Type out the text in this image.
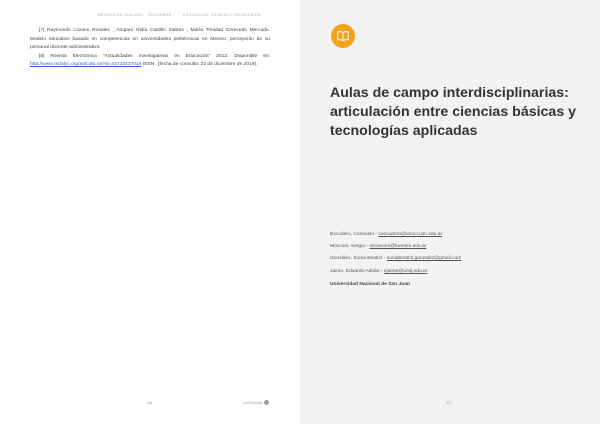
REVISTA DE DIÁLOGO · DICIEMBRE	EDUCACIÓN, CIENCIA Y TECNOLOGÍA

[7] Raymundo Lozano Rosales ; Amparo Nidia Castillo Santos ; María Trinidad Cerecedo Mercado. Modelo educativo basado en competencias en universidades politécnicas en México: percepción de su personal docente-administrativo.

[8] Revista Electrónica "Actualidades Investigativas en Educación" 2012. Disponible en: http://www.redalyc.org/articulo.oa?id=44723437018 ISSN . [fecha de consulta: 22 de diciembre de 2018].

116	La Revista
Aulas de campo interdisciplinarias: articulación entre ciencias básicas y tecnologías aplicadas
Escudero, Consuelo - cescudero@unsj-cuim.edu.ar
Mosconi, Sergio - smosconi@fuentes.edu.ar
González, Sonia Beatriz - soniabeatriz.gonzalez@gmail.com
Jaime, Eduardo Adrián - ejaime@unsj.edu.ar
Universidad Nacional de San Juan
117
